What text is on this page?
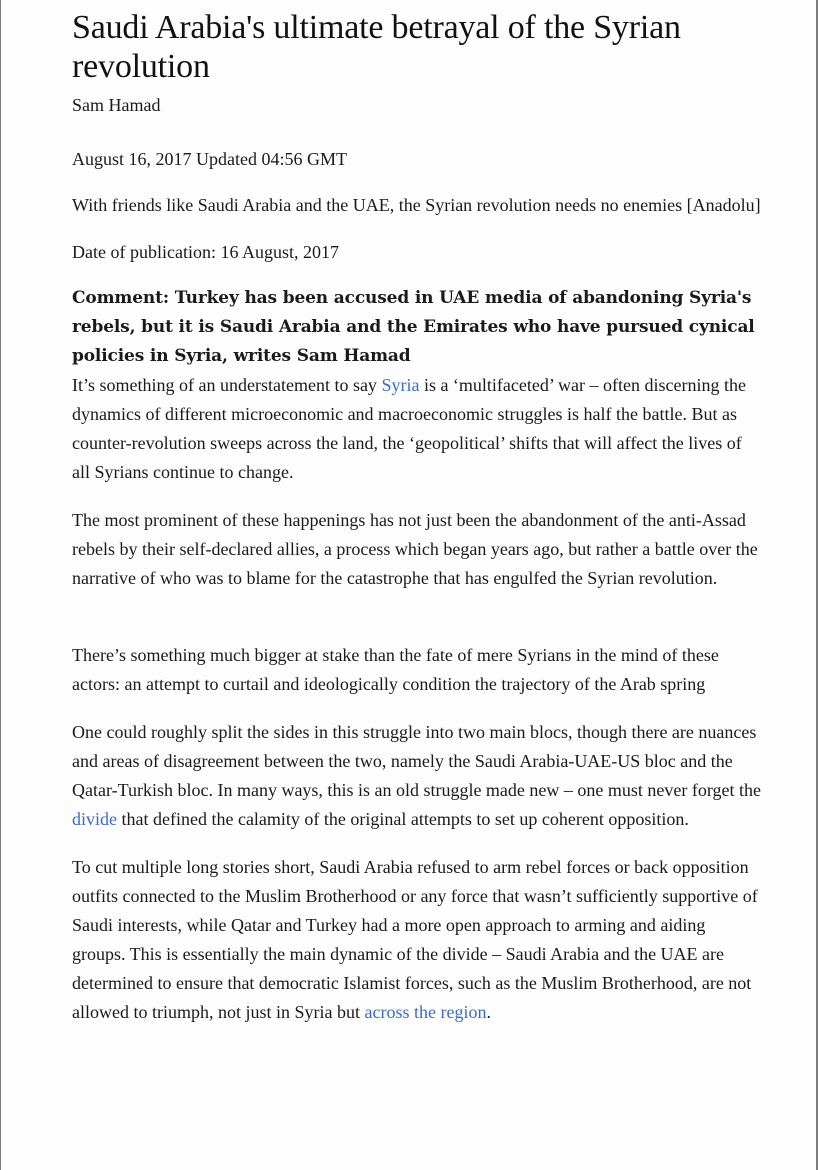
Saudi Arabia's ultimate betrayal of the Syrian revolution
Sam Hamad
August 16, 2017 Updated 04:56 GMT

With friends like Saudi Arabia and the UAE, the Syrian revolution needs no enemies [Anadolu]

Date of publication: 16 August, 2017

Comment: Turkey has been accused in UAE media of abandoning Syria's rebels, but it is Saudi Arabia and the Emirates who have pursued cynical policies in Syria, writes Sam Hamad

It’s something of an understatement to say Syria is a ‘multifaceted’ war – often discerning the dynamics of different microeconomic and macroeconomic struggles is half the battle. But as counter-revolution sweeps across the land, the ‘geopolitical’ shifts that will affect the lives of all Syrians continue to change.

The most prominent of these happenings has not just been the abandonment of the anti-Assad rebels by their self-declared allies, a process which began years ago, but rather a battle over the narrative of who was to blame for the catastrophe that has engulfed the Syrian revolution.

There’s something much bigger at stake than the fate of mere Syrians in the mind of these actors: an attempt to curtail and ideologically condition the trajectory of the Arab spring

One could roughly split the sides in this struggle into two main blocs, though there are nuances and areas of disagreement between the two, namely the Saudi Arabia-UAE-US bloc and the Qatar-Turkish bloc. In many ways, this is an old struggle made new – one must never forget the divide that defined the calamity of the original attempts to set up coherent opposition.

To cut multiple long stories short, Saudi Arabia refused to arm rebel forces or back opposition outfits connected to the Muslim Brotherhood or any force that wasn’t sufficiently supportive of Saudi interests, while Qatar and Turkey had a more open approach to arming and aiding groups. This is essentially the main dynamic of the divide – Saudi Arabia and the UAE are determined to ensure that democratic Islamist forces, such as the Muslim Brotherhood, are not allowed to triumph, not just in Syria but across the region.
